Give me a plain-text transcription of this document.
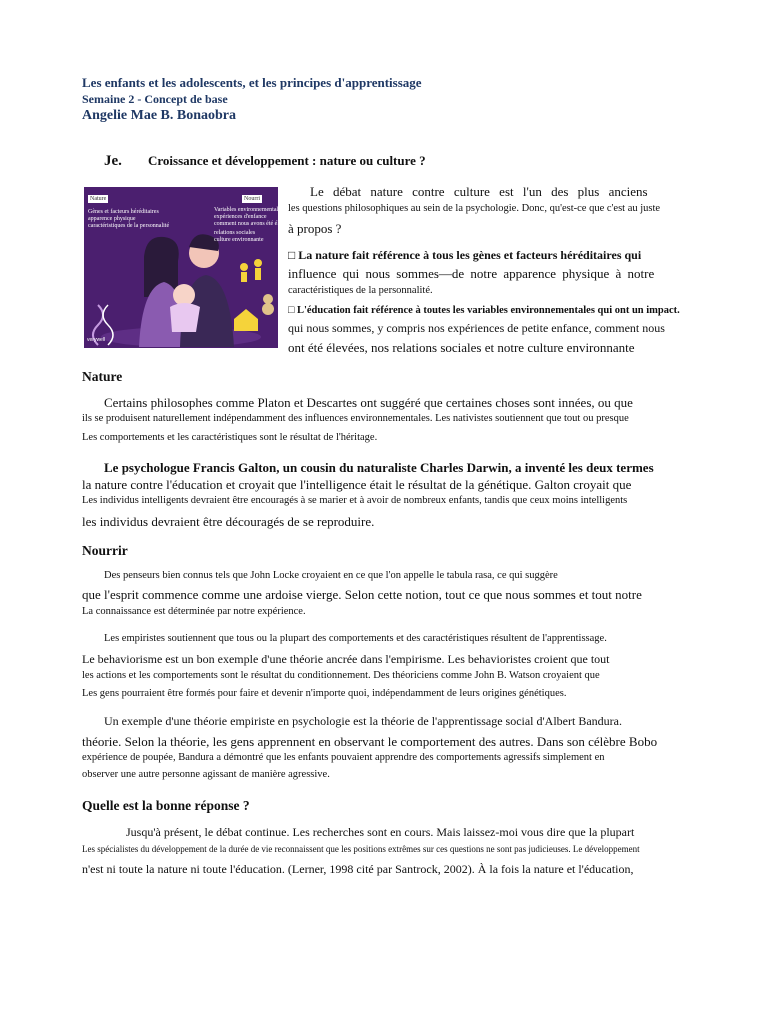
Les enfants et les adolescents, et les principes d'apprentissage
Semaine 2 - Concept de base
Angelie Mae B. Bonaobra
Je. Croissance et développement : nature ou culture ?
Nature	Nourri
Gènes et facteurs héréditaires
apparence physique
caractéristiques de la personnalité
Variables environnementales
expériences d'enfance
comment nous avons été élevés
relations sociales
culture environnante
verywell
Le débat nature contre culture est l'un des plus anciens
les questions philosophiques au sein de la psychologie. Donc, qu'est-ce que c'est au juste
à propos ?
□ La nature fait référence à tous les gènes et facteurs héréditaires qui
influence qui nous sommes—de notre apparence physique à notre
caractéristiques de la personnalité.
□ L'éducation fait référence à toutes les variables environnementales qui ont un impact.
qui nous sommes, y compris nos expériences de petite enfance, comment nous
ont été élevées, nos relations sociales et notre culture environnante
Nature
Certains philosophes comme Platon et Descartes ont suggéré que certaines choses sont innées, ou que
ils se produisent naturellement indépendamment des influences environnementales. Les nativistes soutiennent que tout ou presque
Les comportements et les caractéristiques sont le résultat de l'héritage.
Le psychologue Francis Galton, un cousin du naturaliste Charles Darwin, a inventé les deux termes
la nature contre l'éducation et croyait que l'intelligence était le résultat de la génétique. Galton croyait que
Les individus intelligents devraient être encouragés à se marier et à avoir de nombreux enfants, tandis que ceux moins intelligents
les individus devraient être découragés de se reproduire.
Nourrir
Des penseurs bien connus tels que John Locke croyaient en ce que l'on appelle le tabula rasa, ce qui suggère
que l'esprit commence comme une ardoise vierge. Selon cette notion, tout ce que nous sommes et tout notre
La connaissance est déterminée par notre expérience.
Les empiristes soutiennent que tous ou la plupart des comportements et des caractéristiques résultent de l'apprentissage.
Le behaviorisme est un bon exemple d'une théorie ancrée dans l'empirisme. Les behavioristes croient que tout
les actions et les comportements sont le résultat du conditionnement. Des théoriciens comme John B. Watson croyaient que
Les gens pourraient être formés pour faire et devenir n'importe quoi, indépendamment de leurs origines génétiques.
Un exemple d'une théorie empiriste en psychologie est la théorie de l'apprentissage social d'Albert Bandura.
théorie. Selon la théorie, les gens apprennent en observant le comportement des autres. Dans son célèbre Bobo
expérience de poupée, Bandura a démontré que les enfants pouvaient apprendre des comportements agressifs simplement en
observer une autre personne agissant de manière agressive.
Quelle est la bonne réponse ?
Jusqu'à présent, le débat continue. Les recherches sont en cours. Mais laissez-moi vous dire que la plupart
Les spécialistes du développement de la durée de vie reconnaissent que les positions extrêmes sur ces questions ne sont pas judicieuses. Le développement
n'est ni toute la nature ni toute l'éducation. (Lerner, 1998 cité par Santrock, 2002). À la fois la nature et l'éducation,
